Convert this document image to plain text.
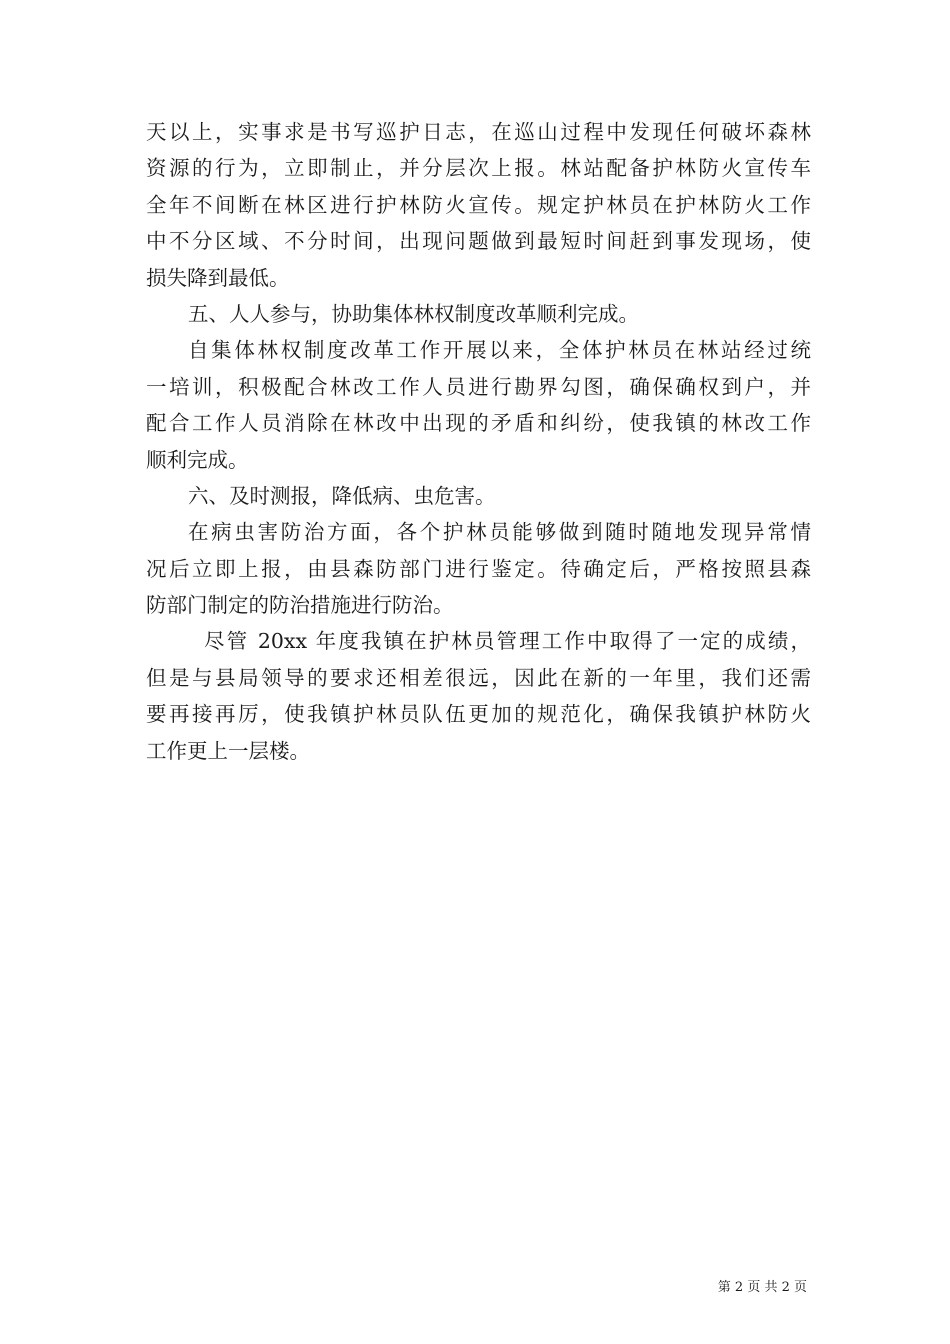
天以上，实事求是书写巡护日志，在巡山过程中发现任何破坏森林
资源的行为，立即制止，并分层次上报。林站配备护林防火宣传车
全年不间断在林区进行护林防火宣传。规定护林员在护林防火工作
中不分区域、不分时间，出现问题做到最短时间赶到事发现场，使
损失降到最低。
五、人人参与，协助集体林权制度改革顺利完成。
自集体林权制度改革工作开展以来，全体护林员在林站经过统
一培训，积极配合林改工作人员进行勘界勾图，确保确权到户，并
配合工作人员消除在林改中出现的矛盾和纠纷，使我镇的林改工作
顺利完成。
六、及时测报，降低病、虫危害。
在病虫害防治方面，各个护林员能够做到随时随地发现异常情
况后立即上报，由县森防部门进行鉴定。待确定后，严格按照县森
防部门制定的防治措施进行防治。
尽管 20xx 年度我镇在护林员管理工作中取得了一定的成绩，
但是与县局领导的要求还相差很远，因此在新的一年里，我们还需
要再接再厉，使我镇护林员队伍更加的规范化，确保我镇护林防火
工作更上一层楼。
第 2 页 共 2 页
